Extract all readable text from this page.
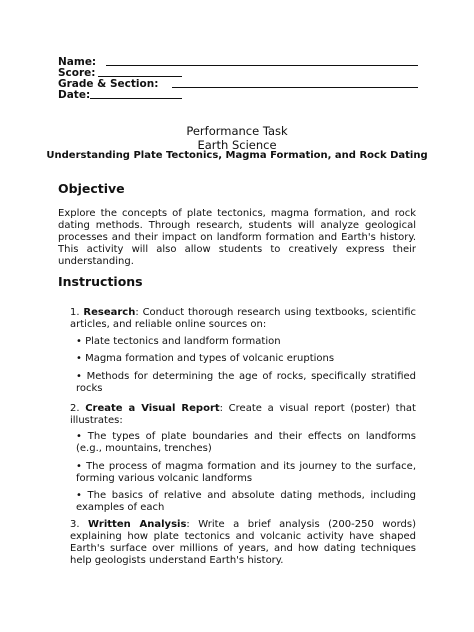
Name:
Score:
Grade & Section:
Date:
Performance Task
Earth Science
Understanding Plate Tectonics, Magma Formation, and Rock Dating
Objective
Explore the concepts of plate tectonics, magma formation, and rock dating methods. Through research, students will analyze geological processes and their impact on landform formation and Earth's history. This activity will also allow students to creatively express their understanding.
Instructions
1. Research: Conduct thorough research using textbooks, scientific articles, and reliable online sources on:
• Plate tectonics and landform formation
• Magma formation and types of volcanic eruptions
• Methods for determining the age of rocks, specifically stratified rocks
2. Create a Visual Report: Create a visual report (poster) that illustrates:
• The types of plate boundaries and their effects on landforms (e.g., mountains, trenches)
• The process of magma formation and its journey to the surface, forming various volcanic landforms
• The basics of relative and absolute dating methods, including examples of each
3. Written Analysis: Write a brief analysis (200-250 words) explaining how plate tectonics and volcanic activity have shaped Earth's surface over millions of years, and how dating techniques help geologists understand Earth's history.
